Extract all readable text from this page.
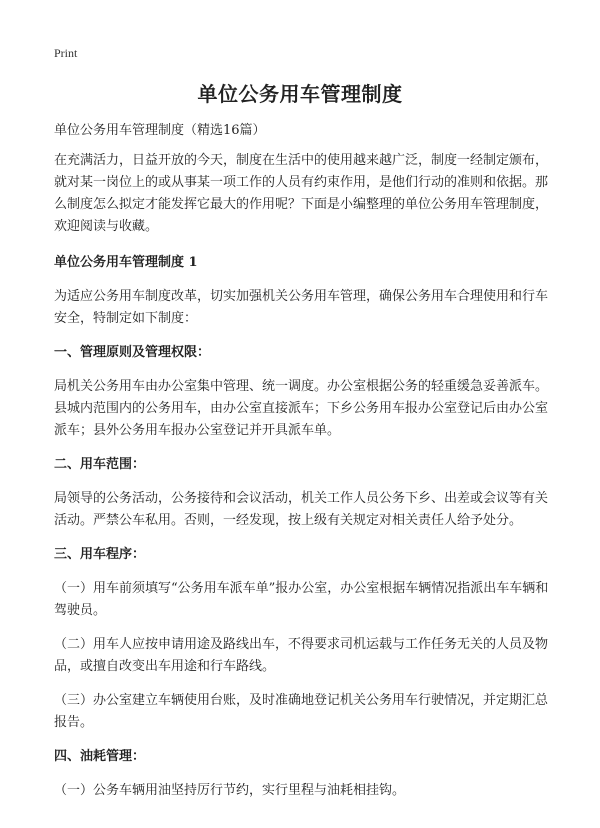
Print
单位公务用车管理制度

单位公务用车管理制度（精选16篇）

在充满活力，日益开放的今天，制度在生活中的使用越来越广泛，制度一经制定颁布，就对某一岗位上的或从事某一项工作的人员有约束作用，是他们行动的准则和依据。那么制度怎么拟定才能发挥它最大的作用呢？下面是小编整理的单位公务用车管理制度，欢迎阅读与收藏。

单位公务用车管理制度 1

为适应公务用车制度改革，切实加强机关公务用车管理，确保公务用车合理使用和行车安全，特制定如下制度：

一、管理原则及管理权限：

局机关公务用车由办公室集中管理、统一调度。办公室根据公务的轻重缓急妥善派车。县城内范围内的公务用车，由办公室直接派车；下乡公务用车报办公室登记后由办公室派车；县外公务用车报办公室登记并开具派车单。

二、用车范围：

局领导的公务活动，公务接待和会议活动，机关工作人员公务下乡、出差或会议等有关活动。严禁公车私用。否则，一经发现，按上级有关规定对相关责任人给予处分。

三、用车程序：

（一）用车前须填写“公务用车派车单”报办公室，办公室根据车辆情况指派出车车辆和驾驶员。

（二）用车人应按申请用途及路线出车，不得要求司机运载与工作任务无关的人员及物品，或擅自改变出车用途和行车路线。

（三）办公室建立车辆使用台账，及时准确地登记机关公务用车行驶情况，并定期汇总报告。

四、油耗管理：

（一）公务车辆用油坚持厉行节约，实行里程与油耗相挂钩。
